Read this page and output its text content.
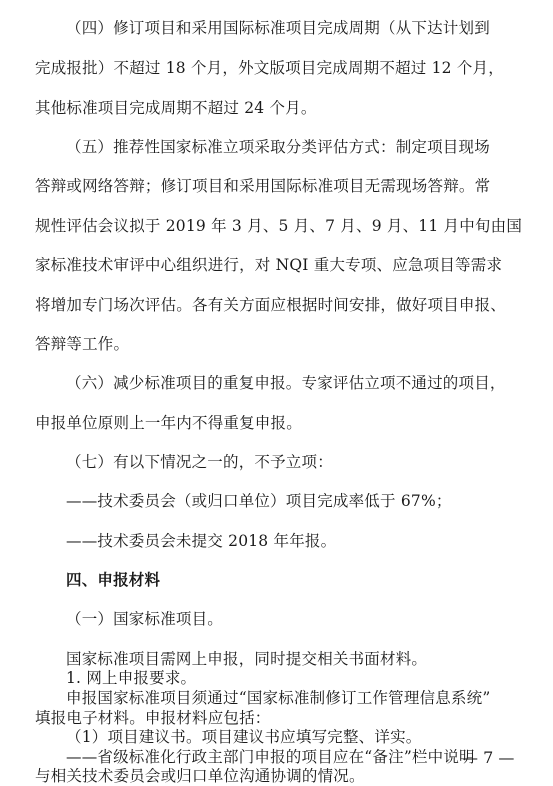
（四）修订项目和采用国际标准项目完成周期（从下达计划到
完成报批）不超过 18 个月，外文版项目完成周期不超过 12 个月，
其他标准项目完成周期不超过 24 个月。
（五）推荐性国家标准立项采取分类评估方式：制定项目现场
答辩或网络答辩；修订项目和采用国际标准项目无需现场答辩。常
规性评估会议拟于 2019 年 3 月、5 月、7 月、9 月、11 月中旬由国
家标准技术审评中心组织进行，对 NQI 重大专项、应急项目等需求
将增加专门场次评估。各有关方面应根据时间安排，做好项目申报、
答辩等工作。
（六）减少标准项目的重复申报。专家评估立项不通过的项目，
申报单位原则上一年内不得重复申报。
（七）有以下情况之一的，不予立项：
——技术委员会（或归口单位）项目完成率低于 67%；
——技术委员会未提交 2018 年年报。
四、申报材料
（一）国家标准项目。
国家标准项目需网上申报，同时提交相关书面材料。
1. 网上申报要求。
申报国家标准项目须通过“国家标准制修订工作管理信息系统”
填报电子材料。申报材料应包括：
（1）项目建议书。项目建议书应填写完整、详实。
——省级标准化行政主部门申报的项目应在“备注”栏中说明
与相关技术委员会或归口单位沟通协调的情况。
— 7 —
